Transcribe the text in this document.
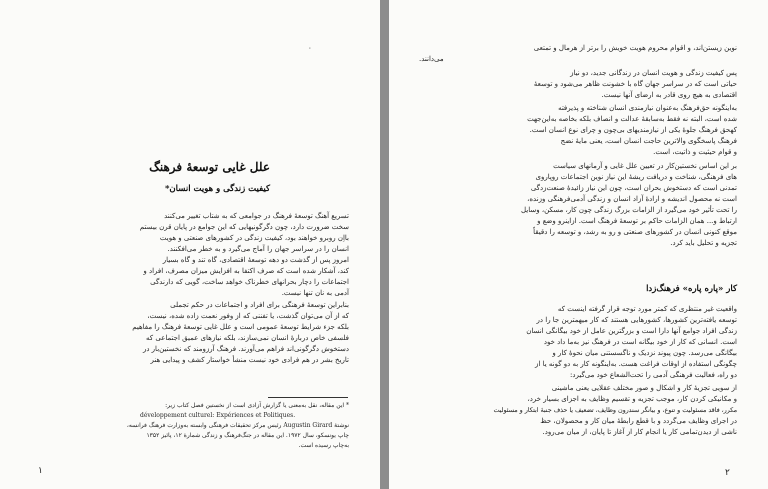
۰
علل غایی توسعهٔ فرهنگ
کیفیت زندگی و هویت انسان*
تسریع آهنگ توسعهٔ فرهنگ در جوامعی که به شتاب تغییر می‌کنند
سخت ضرورت دارد، چون دگرگونیهایی که این جوامع در پایان قرن بیستم
بااِن روبرو خواهند بود، کیفیت زندگی در کشورهای صنعتی و هویت
انسان را در سراسر جهان را آماج می‌گیرد و به خطر می‌افکنند.
امروز پس از گذشت دو دهه توسعهٔ اقتصادی، گاه تند و گاه بسیار
کند، آشکار شده است که صرف اکتفا به افزایش میزان مصرف، افراد و
اجتماعات را دچار بحرانهای خطرناک خواهد ساخت، گویی که دارندگی
آدمی به نان تنها نیست.
بنابراین توسعهٔ فرهنگی برای افراد و اجتماعات در حکم تجملی
که از آن می‌توان گذشت، یا تفننی که از وفور نعمت زاده شده، نیست،
بلکه جزء شرایط توسعهٔ عمومی است و علل غایی توسعهٔ فرهنگ را مفاهیم
فلسفی خاص دربارهٔ انسان نمی‌سازند، بلکه نیازهای عمیق اجتماعی که
دستخوش دگرگونی‌اند فراهم می‌آورند. فرهنگ آرزومند که نخستین‌بار در
تاریخ بشر در هم فرادی خود نیست منشأ خواستار کشف و پیدایی هنر
* این مقاله، نقل به‌معنی یا گزارش آزادی است از نخستین فصل کتاب زیر:
développement culturel: Expériences et Politiques.
نوشتهٔ Augustin Girard رئیس مرکز تحقیقات فرهنگی وابسته به‌وزارت فرهنگ فرانسه،
چاپ یونسکو، سال ۱۹۷۲. این مقاله در جنگ‌فرهنگ و زندگی شمارهٔ ۱۲، پائیز ۱۳۵۲
به‌چاپ رسیده است.
۱
نوین زیستن‌اند، و اقوام محروم هویت خویش را برتر از هرمال و تمتعی
می‌دانند.
پس کیفیت زندگی و هویت انسان در زندگانی جدید، دو نیاز
حیاتی است که در سراسر جهان گاه با خشونت ظاهر می‌شود و توسعهٔ
اقتصادی به هیچ روی قادر به ارضای آنها نیست.
به‌اینگونه حق‌فرهنگ به‌عنوان نیازمندی انسان شناخته و پذیرفته
شده است، البته نه فقط به‌سابقهٔ عدالت و انصاف بلکه بخاصه به‌این‌جهت
کهحق فرهنگ جلوهٔ یکی از نیازمندیهای بی‌چون و چرای نوع انسان است.
فرهنگ پاسخگوی والاترین حاجت انسان است، یعنی مایهٔ نضج
و قوام حیثیت و ذاتیت، است.
بر این اساس نخستین‌کار در تعیین علل غایی و آرمانهای سیاست
های فرهنگی، شناخت و دریافت ریشهٔ این نیاز نوین اجتماعات روپاروی
تمدنی است که دستخوش بحران است، چون این نیاز زائیدهٔ صنعت‌زدگی
است نه محصول اندیشه و ارادهٔ آزاد انسان و زندگی آدمی‌فرهنگی وزنده،
را تحت تأثیر خود می‌گیرد از الزامات بزرگ زندگی چون کار، مسکن، وسایل
ارتباط و... همان الزامات حاکم بر توسعهٔ فرهنگ است. ازاینرو وضع و
موقع کنونی انسان در کشورهای صنعتی و رو به رشد، و توسعه را دقیقاً
تجزیه و تحلیل باید کرد.
کار «پاره پاره» فرهنگ‌زدا
واقعیت غیر منتظری که کمتر مورد توجه قرار گرفته اینست که
توسعه یافته‌ترین کشورها، کشورهایی هستند که کار میهمترین جا را در
زندگی افراد جوامع آنها دارا است و بزرگترین عامل از خود بیگانگی انسان
است. انسانی که کار از خود بیگانه است در فرهنگ نیز به‌ما داد خود
بیگانگی می‌رسد. چون پیوند نزدیک و ناگسستنی میان نحوهٔ کار و
چگونگی استفاده از اوقات فراغت هست. به‌اینگونه کار به دو گونه یا از
دو راه، فعالیت فرهنگی آدمی را تحت‌الشعاع خود می‌گیرد:
از سویی تجزیهٔ کار و اشکال و صور مختلف عقلایی یعنی ماشینی
و مکانیکی کردن کار، موجب تجزیه و تقسیم وظایف به اجزای بسیار خرد،
مکرر، فاقد مسئولیت و تنوع، و بیانگر سندرون وظایف، تضعیف یا حذف جنبهٔ ابتکار و مسئولیت
در اجرای وظایف می‌گردد و با قطع رابطهٔ میان کار و محصولان، حظ
ناشی از دیدن‌تمامی کار یا انجام کار از آغاز تا پایان، از میان می‌رود.
۲
